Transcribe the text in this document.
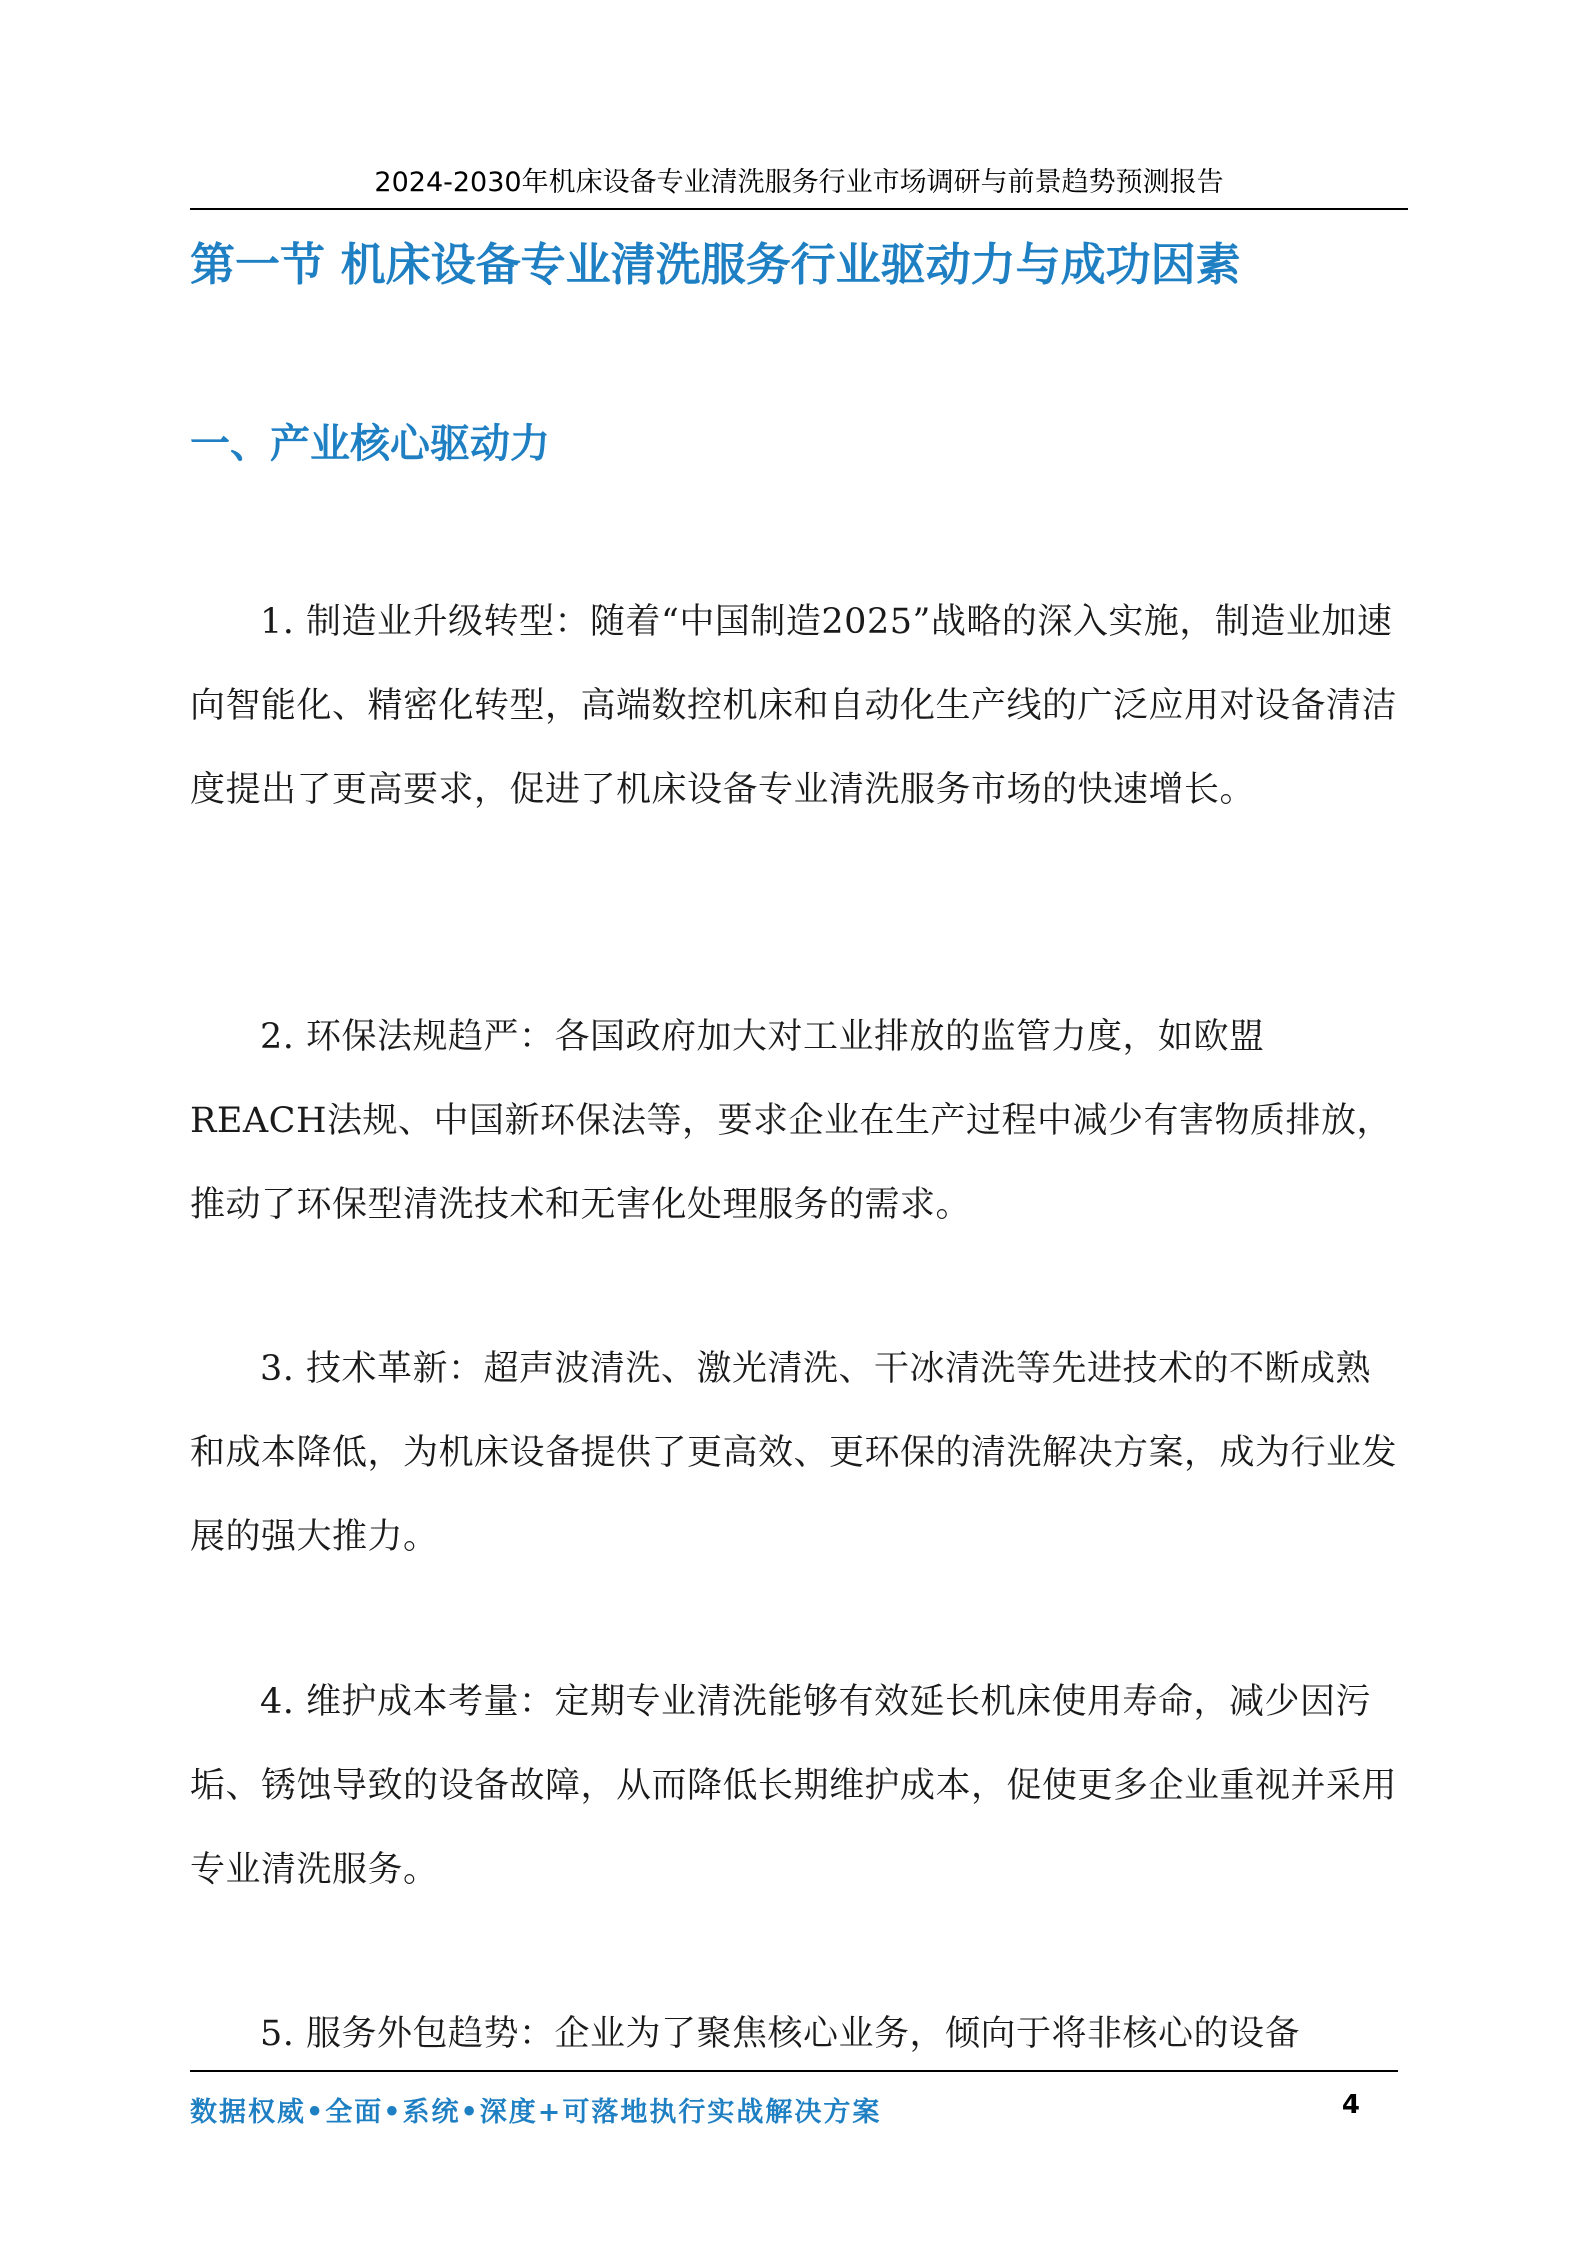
2024-2030年机床设备专业清洗服务行业市场调研与前景趋势预测报告
第一节 机床设备专业清洗服务行业驱动力与成功因素
一、产业核心驱动力

1. 制造业升级转型：随着“中国制造2025”战略的深入实施，制造业加速向智能化、精密化转型，高端数控机床和自动化生产线的广泛应用对设备清洁度提出了更高要求，促进了机床设备专业清洗服务市场的快速增长。

2. 环保法规趋严：各国政府加大对工业排放的监管力度，如欧盟REACH法规、中国新环保法等，要求企业在生产过程中减少有害物质排放，推动了环保型清洗技术和无害化处理服务的需求。

3. 技术革新：超声波清洗、激光清洗、干冰清洗等先进技术的不断成熟和成本降低，为机床设备提供了更高效、更环保的清洗解决方案，成为行业发展的强大推力。

4. 维护成本考量：定期专业清洗能够有效延长机床使用寿命，减少因污垢、锈蚀导致的设备故障，从而降低长期维护成本，促使更多企业重视并采用专业清洗服务。

5. 服务外包趋势：企业为了聚焦核心业务，倾向于将非核心的设备

数据权威•全面•系统•深度+可落地执行实战解决方案	4
